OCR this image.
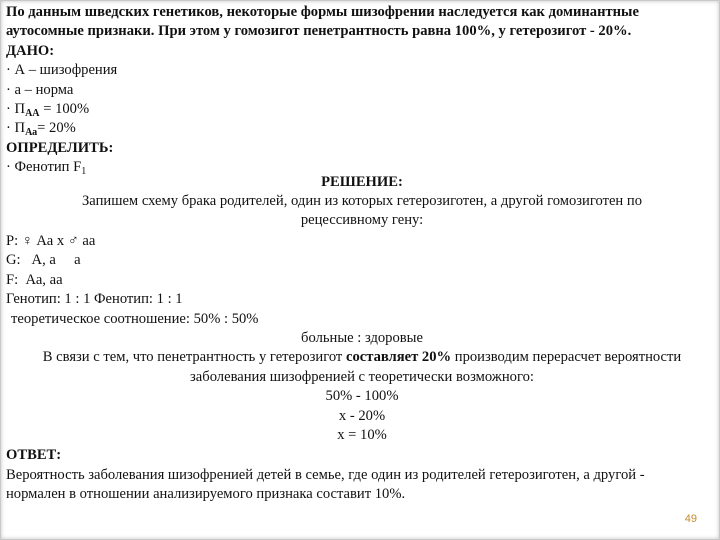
По данным шведских генетиков, некоторые формы шизофрении наследуется как доминантные
аутосомные признаки. При этом у гомозигот пенетрантность равна 100%, у гетерозигот - 20%.
ДАНО:
· А – шизофрения
· а – норма
· $П_{АА} = 100\%$
· $П_{Аа}= 20\%$
ОПРЕДЕЛИТЬ:
· Фенотип $F_1$
РЕШЕНИЕ:
Запишем схему брака родителей, один из которых гетерозиготен, а другой гомозиготен по
рецессивному гену:
P: ♀ Аа x ♂ аа
G:   А, а     а
F:  Аа, аа
Генотип: 1 : 1 Фенотип: 1 : 1
теоретическое соотношение: 50% : 50%
больные : здоровые
В связи с тем, что пенетрантность у гетерозигот составляет 20% производим перерасчет вероятности
заболевания шизофренией с теоретически возможного:
50% - 100%
х - 20%
х = 10%
ОТВЕТ:
Вероятность заболевания шизофренией детей в семье, где один из родителей гетерозиготен, а другой -
нормален в отношении анализируемого признака составит 10%.
49
